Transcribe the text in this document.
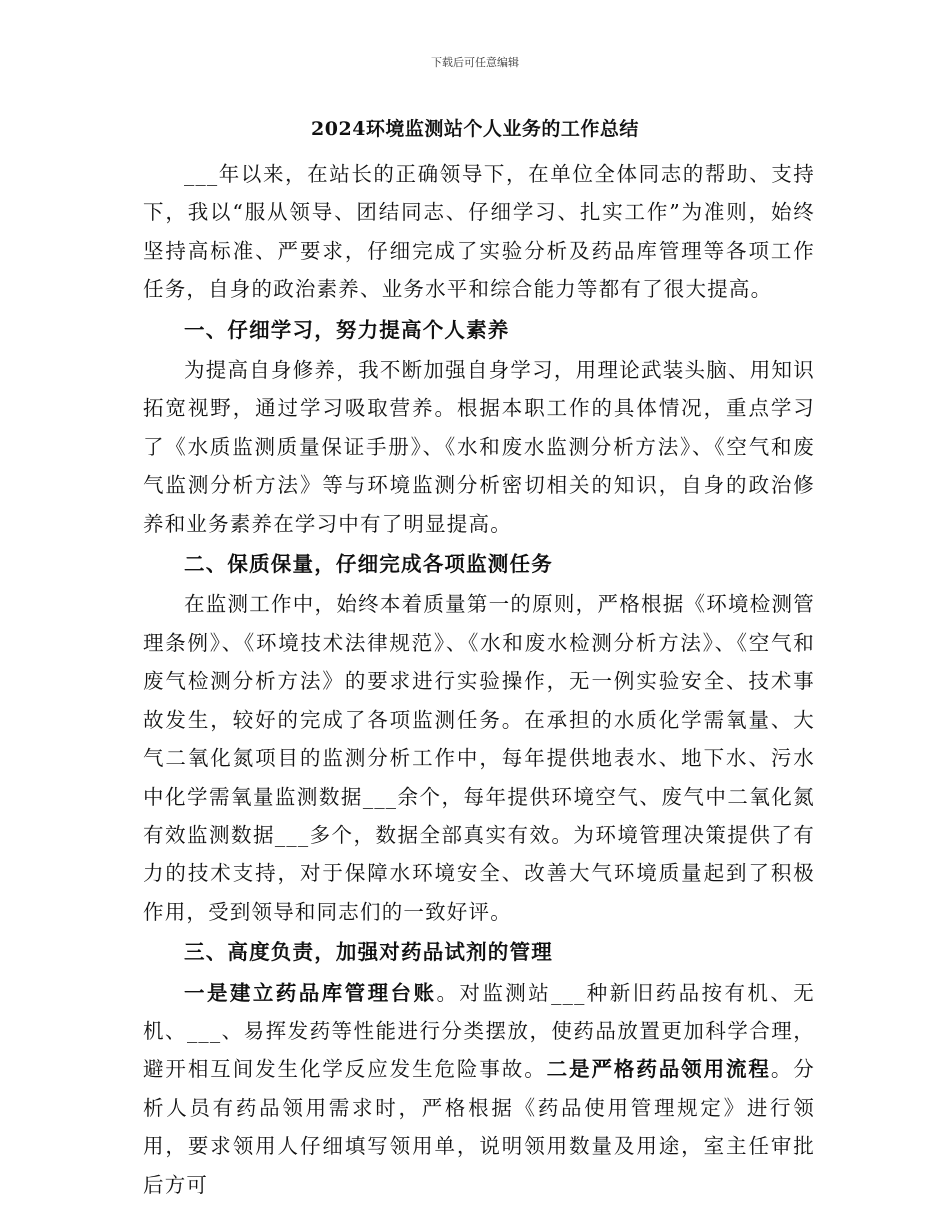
下载后可任意编辑
2024环境监测站个人业务的工作总结

___年以来，在站长的正确领导下，在单位全体同志的帮助、支持下，我以“服从领导、团结同志、仔细学习、扎实工作”为准则，始终坚持高标准、严要求，仔细完成了实验分析及药品库管理等各项工作任务，自身的政治素养、业务水平和综合能力等都有了很大提高。

一、仔细学习，努力提高个人素养

为提高自身修养，我不断加强自身学习，用理论武装头脑、用知识拓宽视野，通过学习吸取营养。根据本职工作的具体情况，重点学习了《水质监测质量保证手册》、《水和废水监测分析方法》、《空气和废气监测分析方法》等与环境监测分析密切相关的知识，自身的政治修养和业务素养在学习中有了明显提高。

二、保质保量，仔细完成各项监测任务

在监测工作中，始终本着质量第一的原则，严格根据《环境检测管理条例》、《环境技术法律规范》、《水和废水检测分析方法》、《空气和废气检测分析方法》的要求进行实验操作，无一例实验安全、技术事故发生，较好的完成了各项监测任务。在承担的水质化学需氧量、大气二氧化氮项目的监测分析工作中，每年提供地表水、地下水、污水中化学需氧量监测数据___余个，每年提供环境空气、废气中二氧化氮有效监测数据___多个，数据全部真实有效。为环境管理决策提供了有力的技术支持，对于保障水环境安全、改善大气环境质量起到了积极作用，受到领导和同志们的一致好评。

三、高度负责，加强对药品试剂的管理

一是建立药品库管理台账。对监测站___种新旧药品按有机、无机、___、易挥发药等性能进行分类摆放，使药品放置更加科学合理，避开相互间发生化学反应发生危险事故。二是严格药品领用流程。分析人员有药品领用需求时，严格根据《药品使用管理规定》进行领用，要求领用人仔细填写领用单，说明领用数量及用途，室主任审批后方可
